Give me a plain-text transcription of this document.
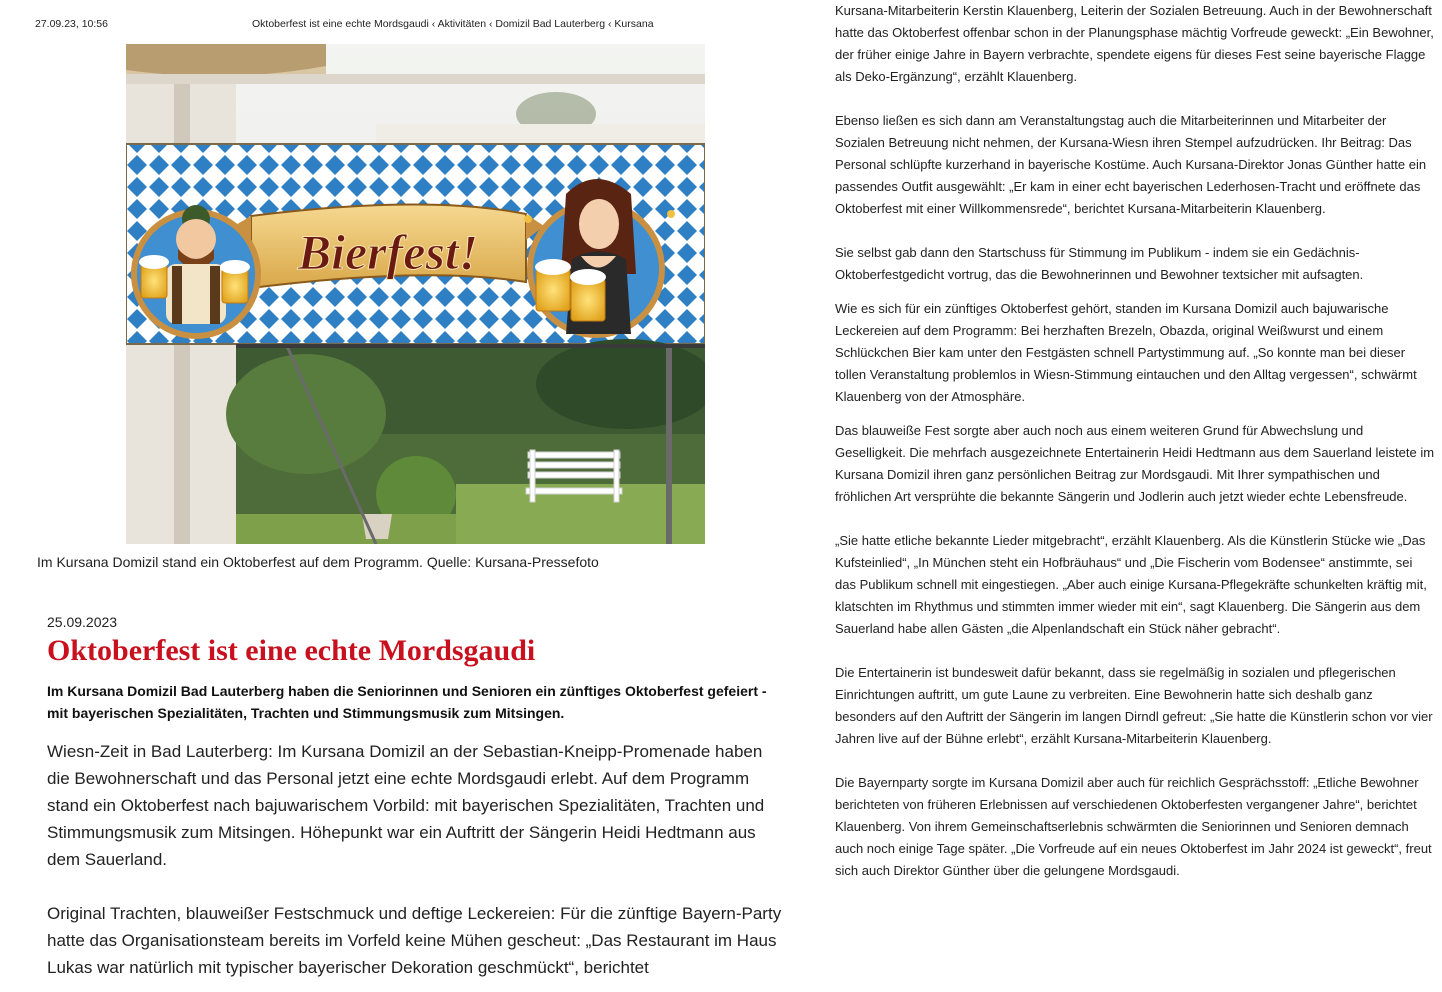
27.09.23, 10:56	Oktoberfest ist eine echte Mordsgaudi ‹ Aktivitäten ‹ Domizil Bad Lauterberg ‹ Kursana
Bierfest!
Im Kursana Domizil stand ein Oktoberfest auf dem Programm. Quelle: Kursana-Pressefoto
25.09.2023
Oktoberfest ist eine echte Mordsgaudi

Im Kursana Domizil Bad Lauterberg haben die Seniorinnen und Senioren ein zünftiges Oktoberfest gefeiert - mit bayerischen Spezialitäten, Trachten und Stimmungsmusik zum Mitsingen.

Wiesn-Zeit in Bad Lauterberg: Im Kursana Domizil an der Sebastian-Kneipp-Promenade haben die Bewohnerschaft und das Personal jetzt eine echte Mordsgaudi erlebt. Auf dem Programm stand ein Oktoberfest nach bajuwarischem Vorbild: mit bayerischen Spezialitäten, Trachten und Stimmungsmusik zum Mitsingen. Höhepunkt war ein Auftritt der Sängerin Heidi Hedtmann aus dem Sauerland.

Original Trachten, blauweißer Festschmuck und deftige Leckereien: Für die zünftige Bayern-Party hatte das Organisationsteam bereits im Vorfeld keine Mühen gescheut: „Das Restaurant im Haus Lukas war natürlich mit typischer bayerischer Dekoration geschmückt“, berichtet

Kursana-Mitarbeiterin Kerstin Klauenberg, Leiterin der Sozialen Betreuung. Auch in der Bewohnerschaft hatte das Oktoberfest offenbar schon in der Planungsphase mächtig Vorfreude geweckt: „Ein Bewohner, der früher einige Jahre in Bayern verbrachte, spendete eigens für dieses Fest seine bayerische Flagge als Deko-Ergänzung“, erzählt Klauenberg.

Ebenso ließen es sich dann am Veranstaltungstag auch die Mitarbeiterinnen und Mitarbeiter der Sozialen Betreuung nicht nehmen, der Kursana-Wiesn ihren Stempel aufzudrücken. Ihr Beitrag: Das Personal schlüpfte kurzerhand in bayerische Kostüme. Auch Kursana-Direktor Jonas Günther hatte ein passendes Outfit ausgewählt: „Er kam in einer echt bayerischen Lederhosen-Tracht und eröffnete das Oktoberfest mit einer Willkommensrede“, berichtet Kursana-Mitarbeiterin Klauenberg.

Sie selbst gab dann den Startschuss für Stimmung im Publikum - indem sie ein Gedächnis-Oktoberfestgedicht vortrug, das die Bewohnerinnen und Bewohner textsicher mit aufsagten.

Wie es sich für ein zünftiges Oktoberfest gehört, standen im Kursana Domizil auch bajuwarische Leckereien auf dem Programm: Bei herzhaften Brezeln, Obazda, original Weißwurst und einem Schlückchen Bier kam unter den Festgästen schnell Partystimmung auf. „So konnte man bei dieser tollen Veranstaltung problemlos in Wiesn-Stimmung eintauchen und den Alltag vergessen“, schwärmt Klauenberg von der Atmosphäre.

Das blauweiße Fest sorgte aber auch noch aus einem weiteren Grund für Abwechslung und Geselligkeit. Die mehrfach ausgezeichnete Entertainerin Heidi Hedtmann aus dem Sauerland leistete im Kursana Domizil ihren ganz persönlichen Beitrag zur Mordsgaudi. Mit Ihrer sympathischen und fröhlichen Art versprühte die bekannte Sängerin und Jodlerin auch jetzt wieder echte Lebensfreude.

„Sie hatte etliche bekannte Lieder mitgebracht“, erzählt Klauenberg. Als die Künstlerin Stücke wie „Das Kufsteinlied“, „In München steht ein Hofbräuhaus“ und „Die Fischerin vom Bodensee“ anstimmte, sei das Publikum schnell mit eingestiegen. „Aber auch einige Kursana-Pflegekräfte schunkelten kräftig mit, klatschten im Rhythmus und stimmten immer wieder mit ein“, sagt Klauenberg. Die Sängerin aus dem Sauerland habe allen Gästen „die Alpenlandschaft ein Stück näher gebracht“.

Die Entertainerin ist bundesweit dafür bekannt, dass sie regelmäßig in sozialen und pflegerischen Einrichtungen auftritt, um gute Laune zu verbreiten. Eine Bewohnerin hatte sich deshalb ganz besonders auf den Auftritt der Sängerin im langen Dirndl gefreut: „Sie hatte die Künstlerin schon vor vier Jahren live auf der Bühne erlebt“, erzählt Kursana-Mitarbeiterin Klauenberg.

Die Bayernparty sorgte im Kursana Domizil aber auch für reichlich Gesprächsstoff: „Etliche Bewohner berichteten von früheren Erlebnissen auf verschiedenen Oktoberfesten vergangener Jahre“, berichtet Klauenberg. Von ihrem Gemeinschaftserlebnis schwärmten die Seniorinnen und Senioren demnach auch noch einige Tage später. „Die Vorfreude auf ein neues Oktoberfest im Jahr 2024 ist geweckt“, freut sich auch Direktor Günther über die gelungene Mordsgaudi.
